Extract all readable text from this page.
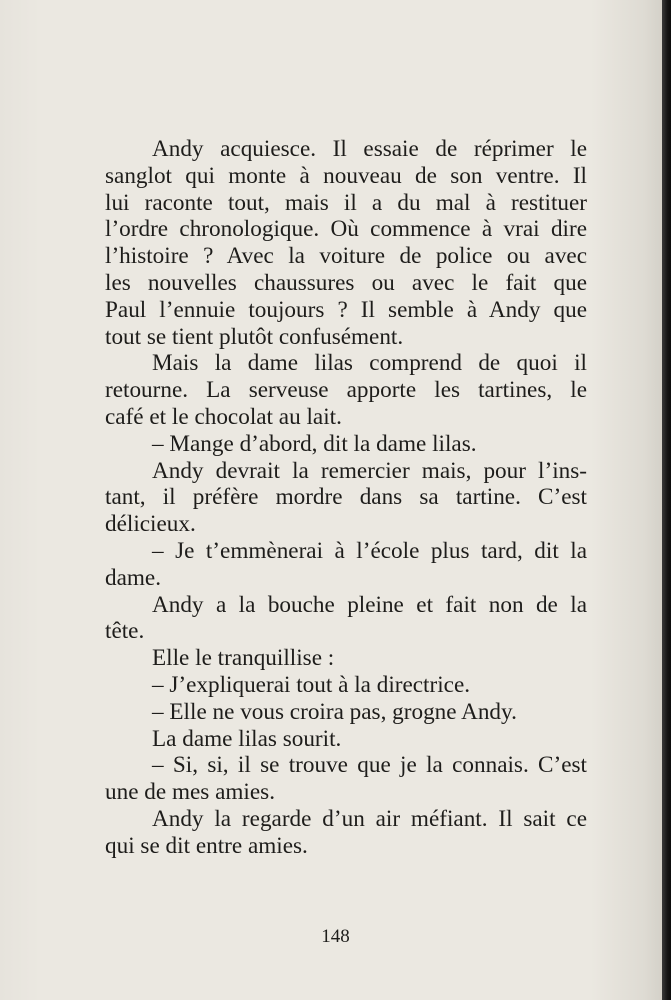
Andy acquiesce. Il essaie de réprimer le
sanglot qui monte à nouveau de son ventre. Il
lui raconte tout, mais il a du mal à restituer
l’ordre chronologique. Où commence à vrai dire
l’histoire ? Avec la voiture de police ou avec
les nouvelles chaussures ou avec le fait que
Paul l’ennuie toujours ? Il semble à Andy que
tout se tient plutôt confusément.
Mais la dame lilas comprend de quoi il
retourne. La serveuse apporte les tartines, le
café et le chocolat au lait.
– Mange d’abord, dit la dame lilas.
Andy devrait la remercier mais, pour l’ins-
tant, il préfère mordre dans sa tartine. C’est
délicieux.
– Je t’emmènerai à l’école plus tard, dit la
dame.
Andy a la bouche pleine et fait non de la
tête.
Elle le tranquillise :
– J’expliquerai tout à la directrice.
– Elle ne vous croira pas, grogne Andy.
La dame lilas sourit.
– Si, si, il se trouve que je la connais. C’est
une de mes amies.
Andy la regarde d’un air méfiant. Il sait ce
qui se dit entre amies.
148
